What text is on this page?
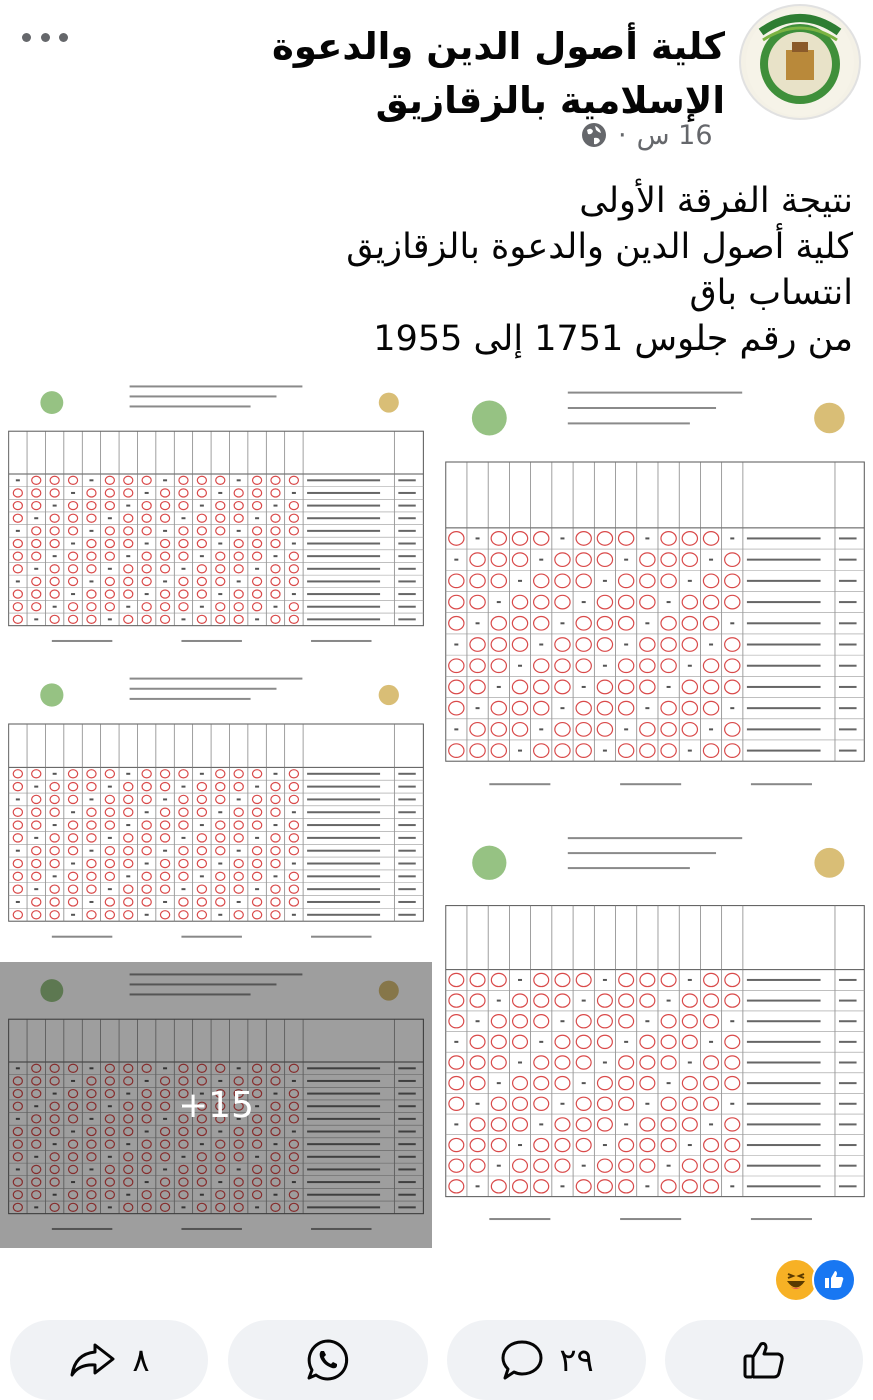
كلية أصول الدين والدعوة الإسلامية بالزقازيق
16 س
·
نتيجة الفرقة الأولى
كلية أصول الدين والدعوة بالزقازيق
انتساب باق
من رقم جلوس 1751 إلى 1955
+15
٨	٢٩
